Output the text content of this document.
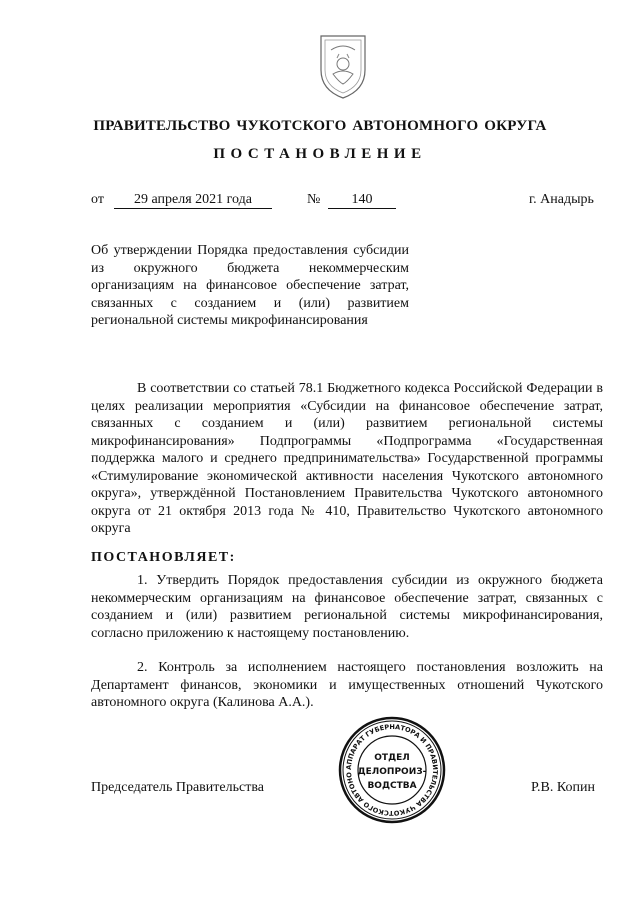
ПРАВИТЕЛЬСТВО ЧУКОТСКОГО АВТОНОМНОГО ОКРУГА
ПОСТАНОВЛЕНИЕ
от	29 апреля 2021 года	№	140	г. Анадырь
Об утверждении Порядка предоставления субсидии из окружного бюджета некоммерческим организациям на финансовое обеспечение затрат, связанных с созданием и (или) развитием региональной системы микрофинансирования

В соответствии со статьей 78.1 Бюджетного кодекса Российской Федерации в целях реализации мероприятия «Субсидии на финансовое обеспечение затрат, связанных с созданием и (или) развитием региональной системы микрофинансирования» Подпрограммы «Подпрограмма «Государственная поддержка малого и среднего предпринимательства» Государственной программы «Стимулирование экономической активности населения Чукотского автономного округа», утверждённой Постановлением Правительства Чукотского автономного округа от 21 октября 2013 года № 410, Правительство Чукотского автономного округа

ПОСТАНОВЛЯЕТ:

1. Утвердить Порядок предоставления субсидии из окружного бюджета некоммерческим организациям на финансовое обеспечение затрат, связанных с созданием и (или) развитием региональной системы микрофинансирования, согласно приложению к настоящему постановлению.

2. Контроль за исполнением настоящего постановления возложить на Департамент финансов, экономики и имущественных отношений Чукотского автономного округа (Калинова А.А.).

Председатель Правительства	Р.В. Копин
АППАРАТ ГУБЕРНАТОРА И ПРАВИТЕЛЬСТВА ЧУКОТСКОГО АВТОНО
ОТДЕЛ
ДЕЛОПРОИЗ-
ВОДСТВА
